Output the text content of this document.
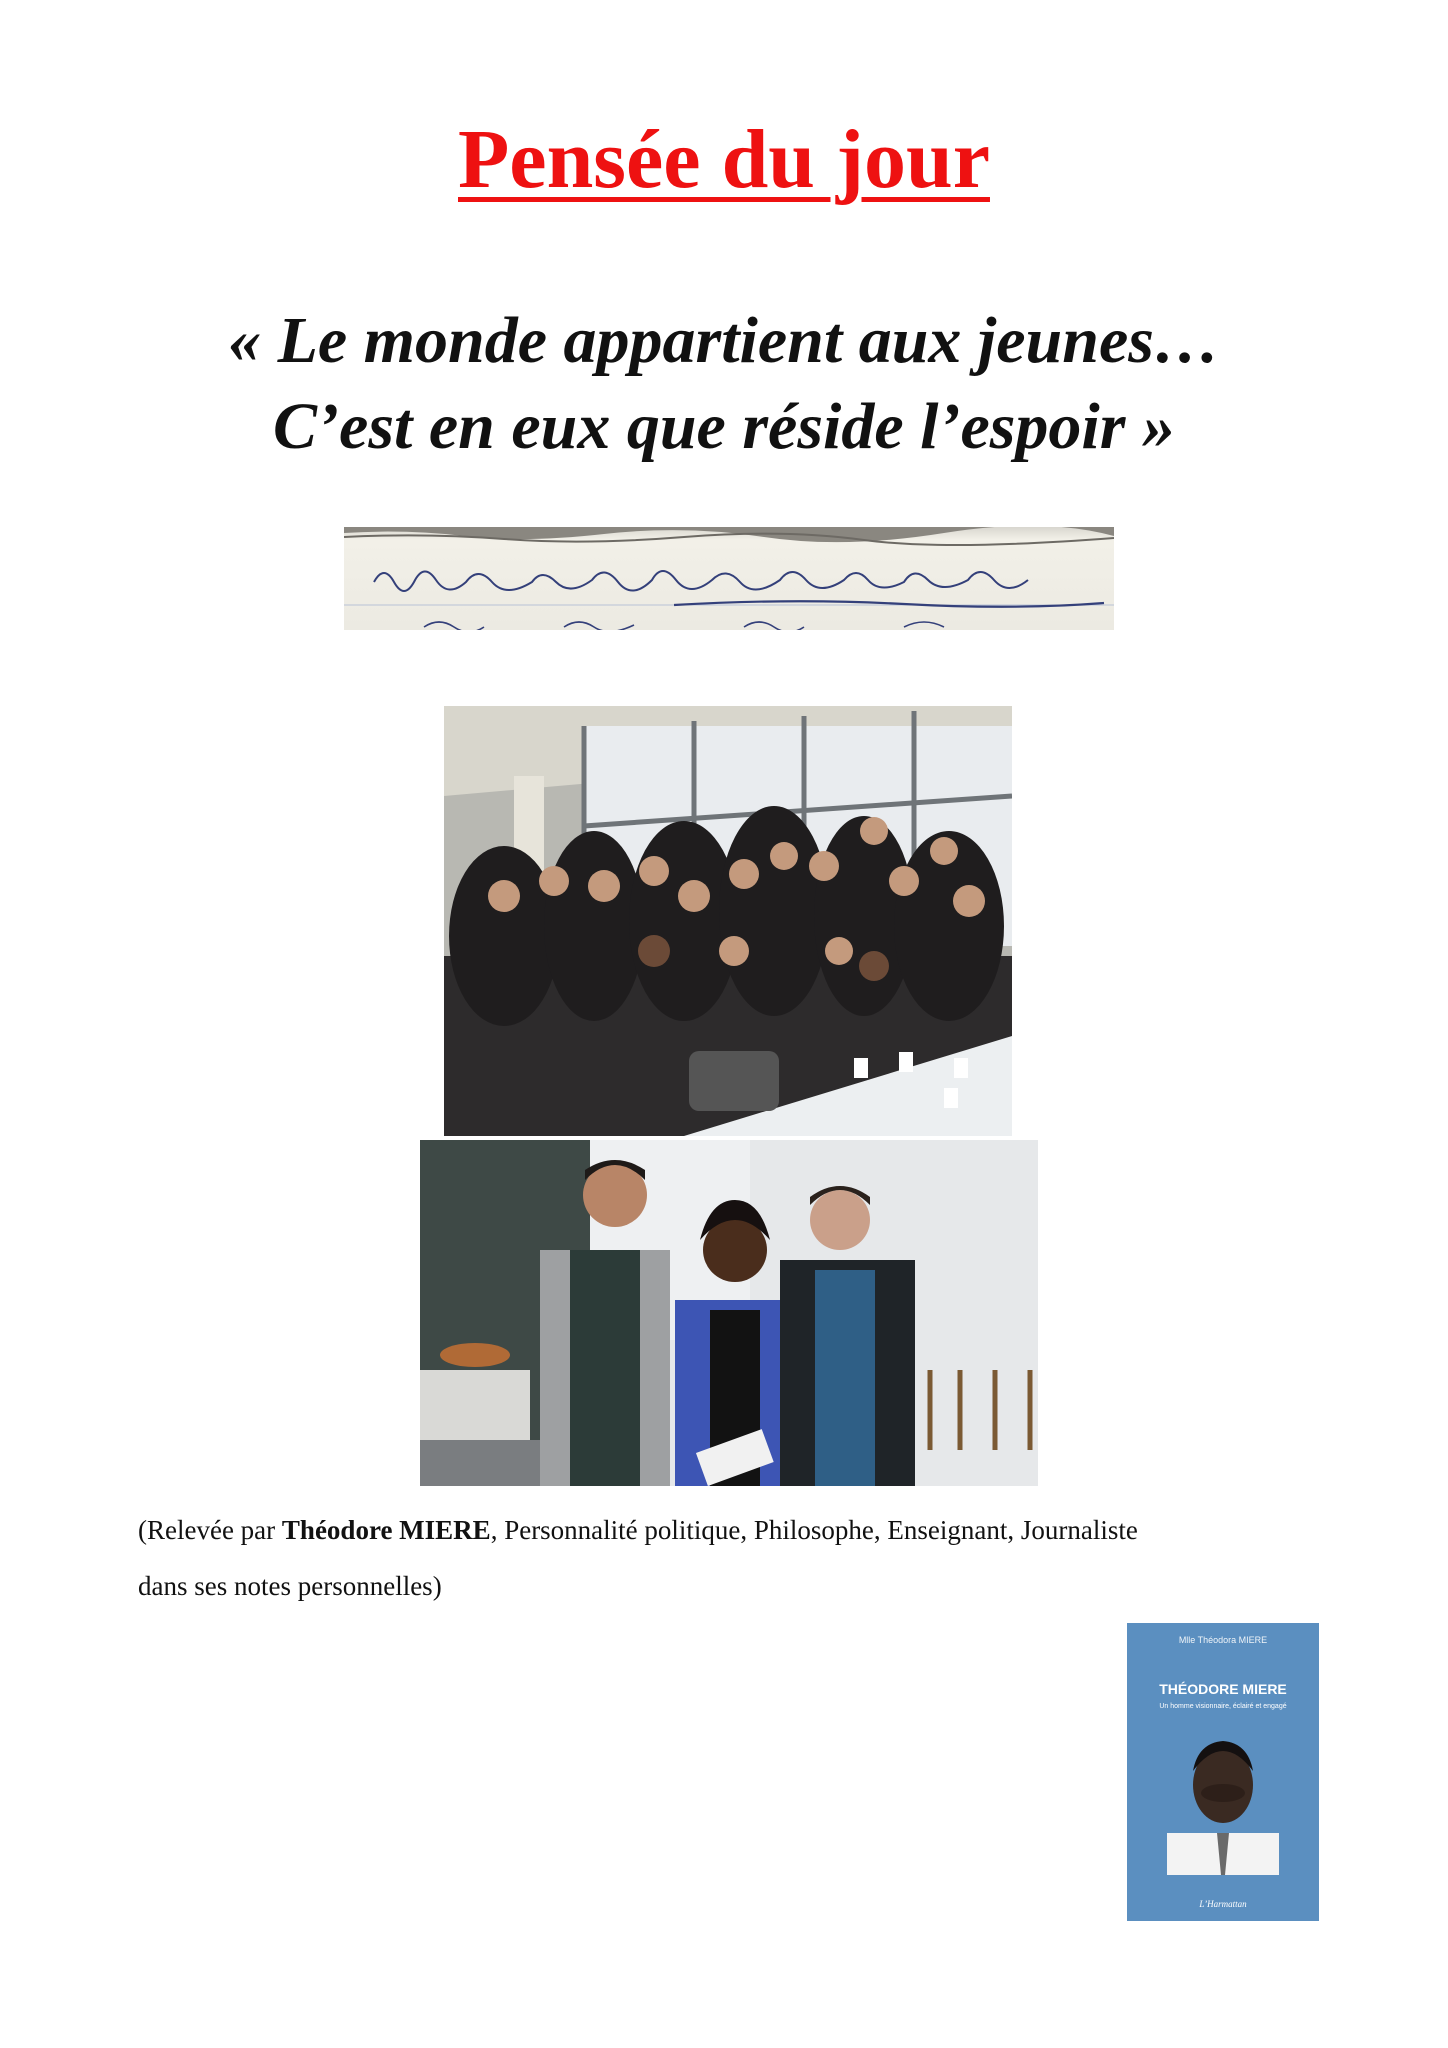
Pensée du jour
« Le monde appartient aux jeunes…
C’est en eux que réside l’espoir »
(Relevée par Théodore MIERE, Personnalité politique, Philosophe, Enseignant, Journaliste
dans ses notes personnelles)
Mlle Théodora MIERE
THÉODORE MIERE
Un homme visionnaire, éclairé et engagé
L’Harmattan
